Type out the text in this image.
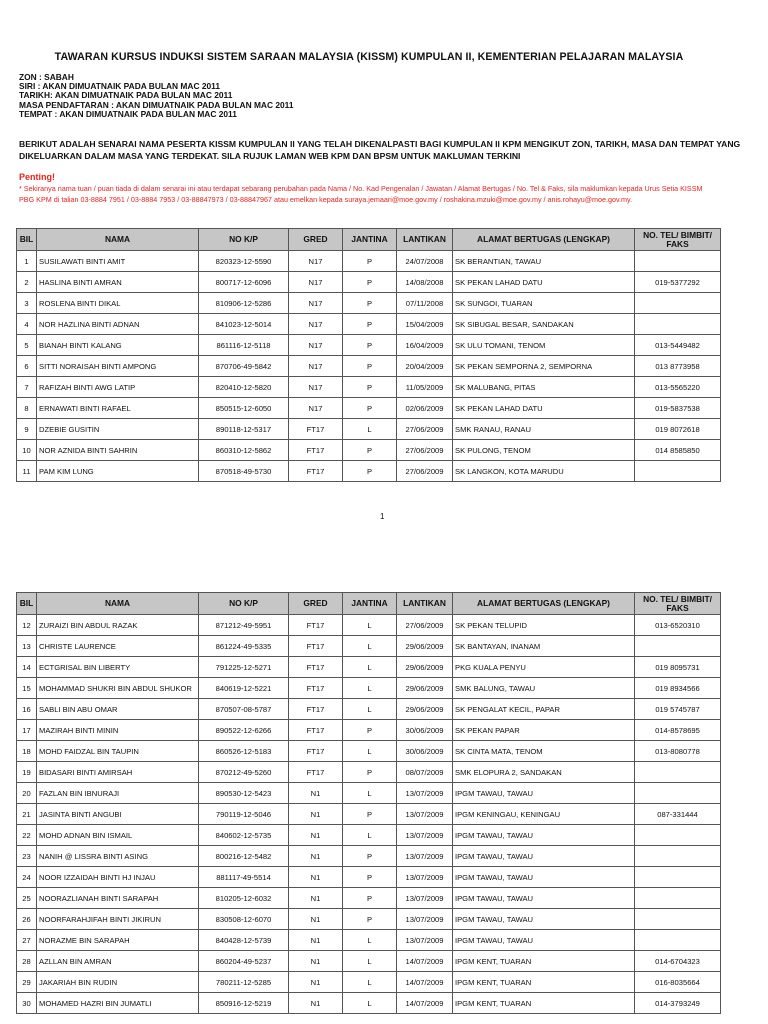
TAWARAN KURSUS INDUKSI SISTEM SARAAN MALAYSIA (KISSM) KUMPULAN II, KEMENTERIAN PELAJARAN MALAYSIA
ZON : SABAH
SIRI : AKAN DIMUATNAIK PADA BULAN MAC 2011
TARIKH: AKAN DIMUATNAIK PADA BULAN MAC 2011
MASA PENDAFTARAN : AKAN DIMUATNAIK PADA BULAN MAC 2011
TEMPAT : AKAN DIMUATNAIK PADA BULAN MAC 2011
BERIKUT ADALAH SENARAI NAMA PESERTA KISSM KUMPULAN II YANG TELAH DIKENALPASTI BAGI KUMPULAN II KPM MENGIKUT ZON, TARIKH, MASA DAN TEMPAT YANG DIKELUARKAN DALAM MASA YANG TERDEKAT. SILA RUJUK LAMAN WEB KPM DAN BPSM UNTUK MAKLUMAN TERKINI
Penting!
* Sekiranya nama tuan / puan tiada di dalam senarai ini atau terdapat sebarang perubahan pada Nama / No. Kad Pengenalan / Jawatan / Alamat Bertugas / No. Tel & Faks, sila maklumkan kepada Urus Setia KISSM PBG KPM di talian 03-8884 7951 / 03-8884 7953 / 03-88847973 / 03-88847967 atau emelkan kepada suraya.jemaari@moe.gov.my / roshakina.mzuki@moe.gov.my / anis.rohayu@moe.gov.my.
BIL	NAMA	NO K/P	GRED	JANTINA	LANTIKAN	ALAMAT BERTUGAS (LENGKAP)	NO. TEL/ BIMBIT/ FAKS
1	SUSILAWATI BINTI AMIT	820323-12-5590	N17	P	24/07/2008	SK BERANTIAN, TAWAU	
2	HASLINA BINTI AMRAN	800717-12-6096	N17	P	14/08/2008	SK PEKAN LAHAD DATU	019-5377292
3	ROSLENA BINTI DIKAL	810906-12-5286	N17	P	07/11/2008	SK SUNGOI, TUARAN	
4	NOR HAZLINA BINTI ADNAN	841023-12-5014	N17	P	15/04/2009	SK SIBUGAL BESAR, SANDAKAN	
5	BIANAH BINTI KALANG	861116-12-5118	N17	P	16/04/2009	SK ULU TOMANI, TENOM	013-5449482
6	SITTI NORAISAH BINTI AMPONG	870706-49-5842	N17	P	20/04/2009	SK PEKAN SEMPORNA 2, SEMPORNA	013 8773958
7	RAFIZAH BINTI AWG LATIP	820410-12-5820	N17	P	11/05/2009	SK MALUBANG, PITAS	013-5565220
8	ERNAWATI BINTI RAFAEL	850515-12-6050	N17	P	02/06/2009	SK PEKAN LAHAD DATU	019-5837538
9	DZEBIE GUSITIN	890118-12-5317	FT17	L	27/06/2009	SMK RANAU, RANAU	019 8072618
10	NOR AZNIDA BINTI SAHRIN	860310-12-5862	FT17	P	27/06/2009	SK PULONG, TENOM	014 8585850
11	PAM KIM LUNG	870518-49-5730	FT17	P	27/06/2009	SK LANGKON, KOTA MARUDU	
1
BIL	NAMA	NO K/P	GRED	JANTINA	LANTIKAN	ALAMAT BERTUGAS (LENGKAP)	NO. TEL/ BIMBIT/ FAKS
12	ZURAIZI BIN ABDUL RAZAK	871212-49-5951	FT17	L	27/06/2009	SK PEKAN TELUPID	013-6520310
13	CHRISTE LAURENCE	861224-49-5335	FT17	L	29/06/2009	SK BANTAYAN, INANAM	
14	ECTGRISAL BIN LIBERTY	791225-12-5271	FT17	L	29/06/2009	PKG KUALA PENYU	019 8095731
15	MOHAMMAD SHUKRI BIN ABDUL SHUKOR	840619-12-5221	FT17	L	29/06/2009	SMK BALUNG, TAWAU	019 8934566
16	SABLI BIN ABU OMAR	870507-08-5787	FT17	L	29/06/2009	SK PENGALAT KECIL, PAPAR	019 5745787
17	MAZIRAH BINTI MININ	890522-12-6266	FT17	P	30/06/2009	SK PEKAN PAPAR	014-8578695
18	MOHD FAIDZAL BIN TAUPIN	860526-12-5183	FT17	L	30/06/2009	SK CINTA MATA, TENOM	013-8080778
19	BIDASARI BINTI AMIRSAH	870212-49-5260	FT17	P	08/07/2009	SMK ELOPURA 2, SANDAKAN	
20	FAZLAN BIN IBNURAJI	890530-12-5423	N1	L	13/07/2009	IPGM TAWAU, TAWAU	
21	JASINTA BINTI ANGUBI	790119-12-5046	N1	P	13/07/2009	IPGM KENINGAU, KENINGAU	087-331444
22	MOHD ADNAN BIN ISMAIL	840602-12-5735	N1	L	13/07/2009	IPGM TAWAU, TAWAU	
23	NANIH @ LISSRA BINTI ASING	800216-12-5482	N1	P	13/07/2009	IPGM TAWAU, TAWAU	
24	NOOR IZZAIDAH BINTI HJ INJAU	881117-49-5514	N1	P	13/07/2009	IPGM TAWAU, TAWAU	
25	NOORAZLIANAH BINTI SARAPAH	810205-12-6032	N1	P	13/07/2009	IPGM TAWAU, TAWAU	
26	NOORFARAHJIFAH BINTI JIKIRUN	830508-12-6070	N1	P	13/07/2009	IPGM TAWAU, TAWAU	
27	NORAZME BIN SARAPAH	840428-12-5739	N1	L	13/07/2009	IPGM TAWAU, TAWAU	
28	AZLLAN BIN AMRAN	860204-49-5237	N1	L	14/07/2009	IPGM KENT, TUARAN	014-6704323
29	JAKARIAH BIN RUDIN	780211-12-5285	N1	L	14/07/2009	IPGM KENT, TUARAN	016-8035664
30	MOHAMED HAZRI BIN JUMATLI	850916-12-5219	N1	L	14/07/2009	IPGM KENT, TUARAN	014-3793249
